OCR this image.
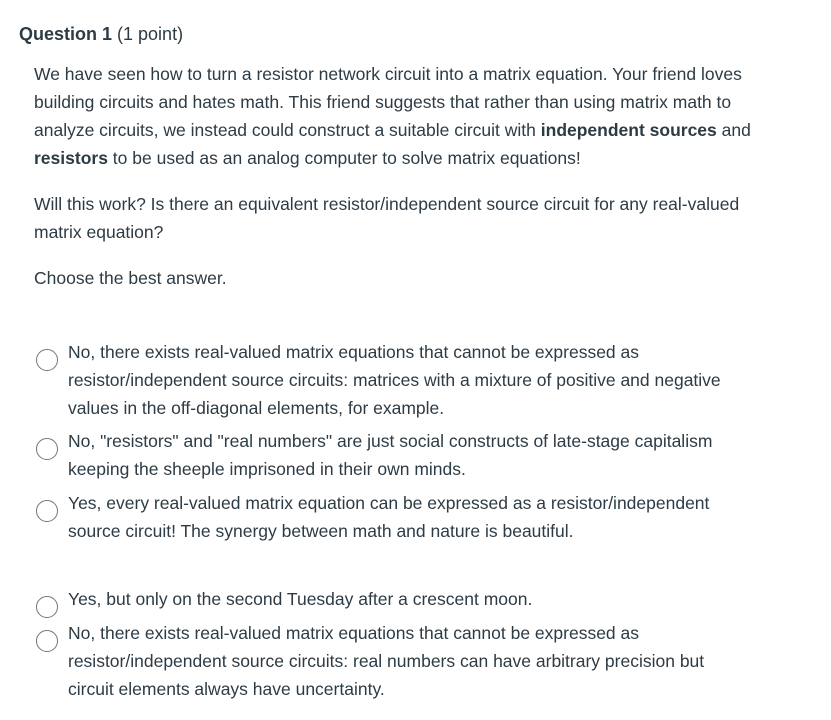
Question 1 (1 point)

We have seen how to turn a resistor network circuit into a matrix equation. Your friend loves building circuits and hates math. This friend suggests that rather than using matrix math to analyze circuits, we instead could construct a suitable circuit with independent sources and resistors to be used as an analog computer to solve matrix equations!

Will this work? Is there an equivalent resistor/independent source circuit for any real-valued matrix equation?

Choose the best answer.

No, there exists real-valued matrix equations that cannot be expressed as resistor/independent source circuits: matrices with a mixture of positive and negative values in the off-diagonal elements, for example.
No, "resistors" and "real numbers" are just social constructs of late-stage capitalism keeping the sheeple imprisoned in their own minds.
Yes, every real-valued matrix equation can be expressed as a resistor/independent source circuit! The synergy between math and nature is beautiful.
Yes, but only on the second Tuesday after a crescent moon.
No, there exists real-valued matrix equations that cannot be expressed as resistor/independent source circuits: real numbers can have arbitrary precision but circuit elements always have uncertainty.
